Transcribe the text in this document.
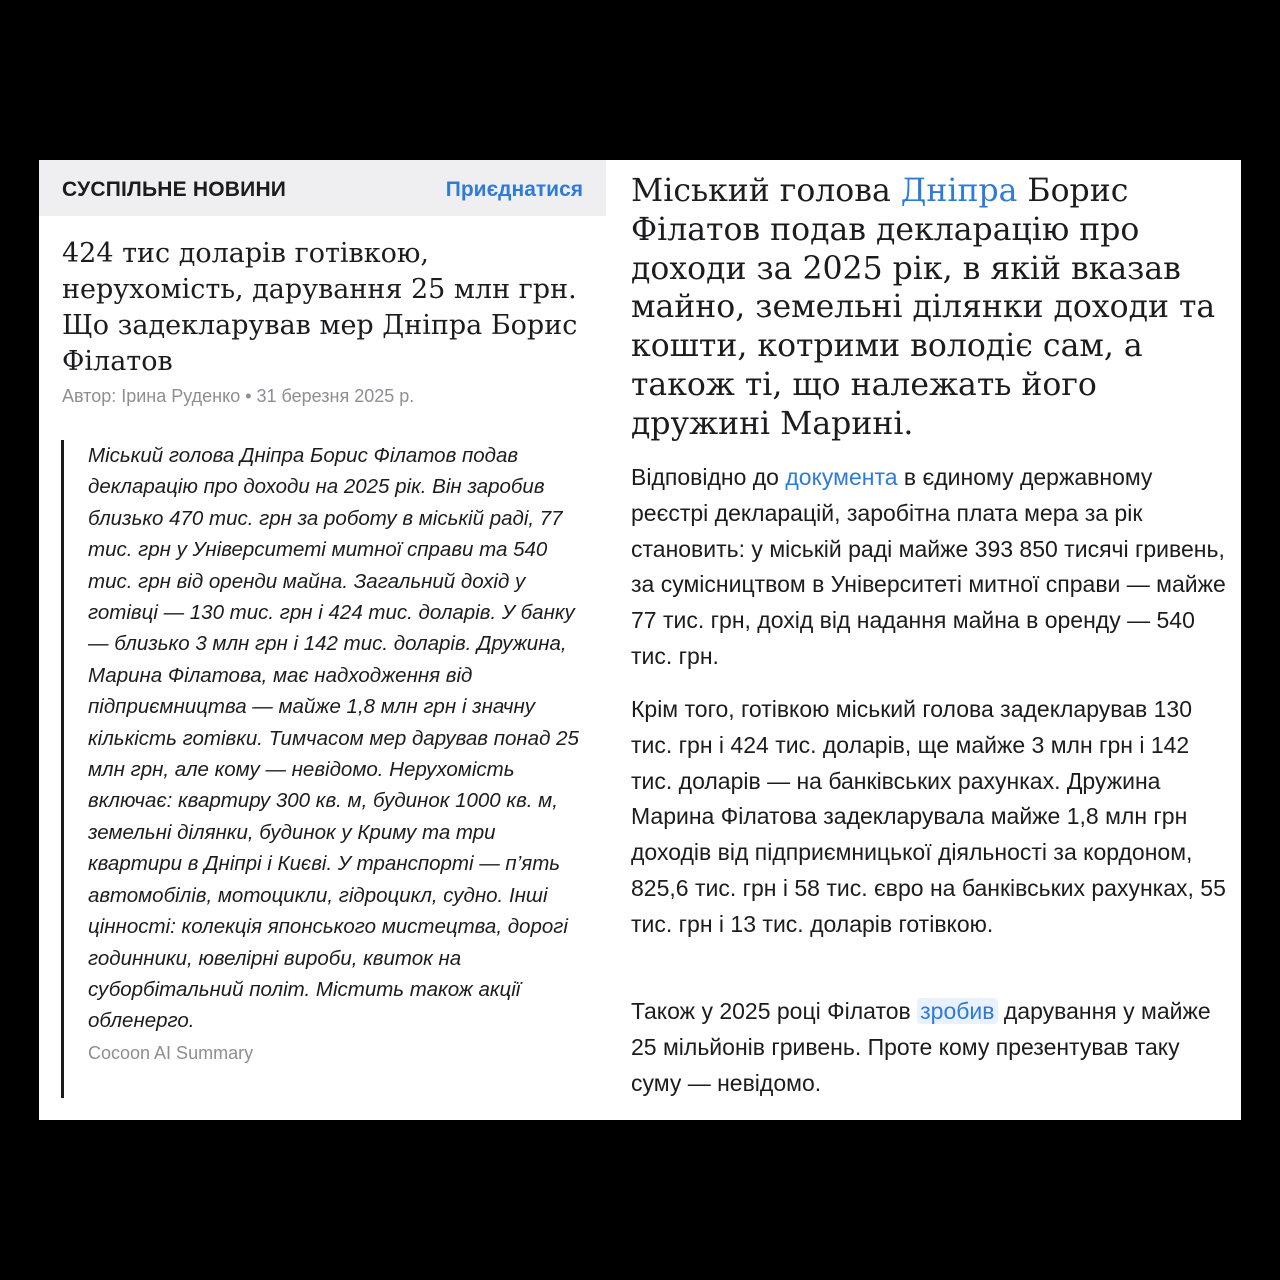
СУСПІЛЬНЕ НОВИНИ	Приєднатися
424 тис доларів готівкою, нерухомість, дарування 25 млн грн. Що задекларував мер Дніпра Борис Філатов
Автор: Ірина Руденко • 31 березня 2025 р.
Міський голова Дніпра Борис Філатов подав декларацію про доходи на 2025 рік. Він заробив близько 470 тис. грн за роботу в міській раді, 77 тис. грн у Університеті митної справи та 540 тис. грн від оренди майна. Загальний дохід у готівці — 130 тис. грн і 424 тис. доларів. У банку — близько 3 млн грн і 142 тис. доларів. Дружина, Марина Філатова, має надходження від підприємництва — майже 1,8 млн грн і значну кількість готівки. Тимчасом мер дарував понад 25 млн грн, але кому — невідомо. Нерухомість включає: квартиру 300 кв. м, будинок 1000 кв. м, земельні ділянки, будинок у Криму та три квартири в Дніпрі і Києві. У транспорті — п’ять автомобілів, мотоцикли, гідроцикл, судно. Інші цінності: колекція японського мистецтва, дорогі годинники, ювелірні вироби, квиток на суборбітальний політ. Містить також акції обленерго.
Cocoon AI Summary
Міський голова Дніпра Борис Філатов подав декларацію про доходи за 2025 рік, в якій вказав майно, земельні ділянки доходи та кошти, котрими володіє сам, а також ті, що належать його дружині Марині.
Відповідно до документа в єдиному державному реєстрі декларацій, заробітна плата мера за рік становить: у міській раді майже 393 850 тисячі гривень, за сумісництвом в Університеті митної справи — майже 77 тис. грн, дохід від надання майна в оренду — 540 тис. грн.
Крім того, готівкою міський голова задекларував 130 тис. грн і 424 тис. доларів, ще майже 3 млн грн і 142 тис. доларів — на банківських рахунках. Дружина Марина Філатова задекларувала майже 1,8 млн грн доходів від підприємницької діяльності за кордоном, 825,6 тис. грн і 58 тис. євро на банківських рахунках, 55 тис. грн і 13 тис. доларів готівкою.
Також у 2025 році Філатов зробив дарування у майже 25 мільйонів гривень. Проте кому презентував таку суму — невідомо.
